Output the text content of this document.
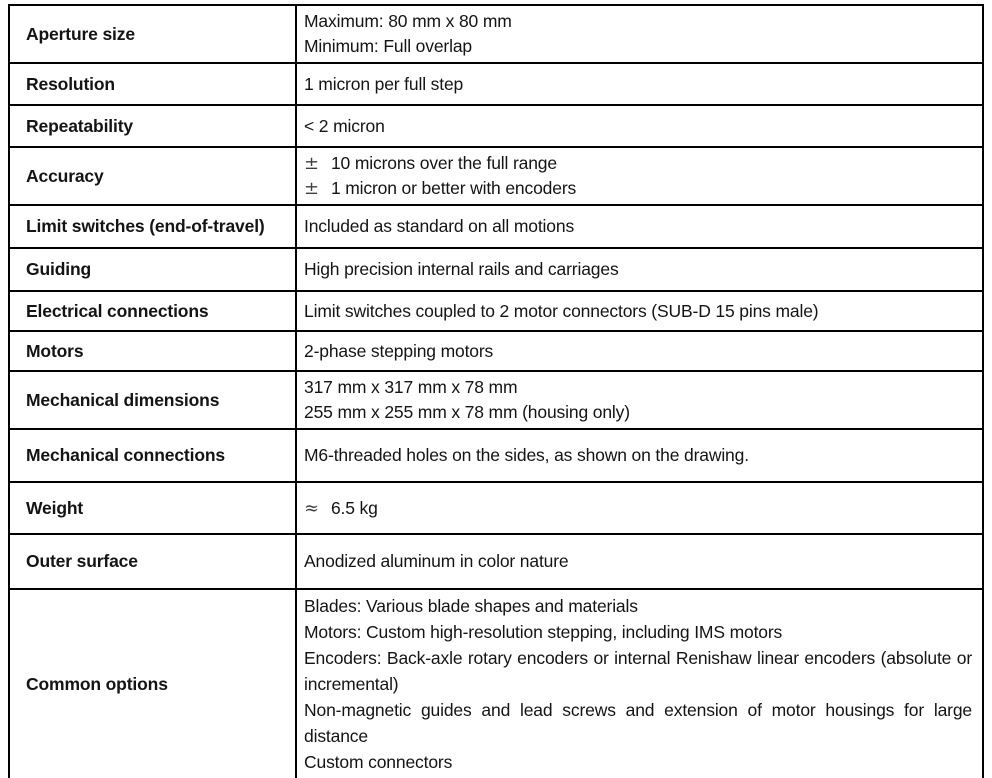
Aperture size	Maximum: 80 mm x 80 mm
Minimum: Full overlap

Resolution	1 micron per full step

Repeatability	< 2 micron

Accuracy	± 10 microns over the full range
± 1 micron or better with encoders

Limit switches (end-of-travel)	Included as standard on all motions

Guiding	High precision internal rails and carriages

Electrical connections	Limit switches coupled to 2 motor connectors (SUB-D 15 pins male)

Motors	2-phase stepping motors

Mechanical dimensions	317 mm x 317 mm x 78 mm
255 mm x 255 mm x 78 mm (housing only)

Mechanical connections	M6-threaded holes on the sides, as shown on the drawing.

Weight	≈ 6.5 kg

Outer surface	Anodized aluminum in color nature

Common options	Blades: Various blade shapes and materials
Motors: Custom high-resolution stepping, including IMS motors
Encoders: Back-axle rotary encoders or internal Renishaw linear encoders (absolute or incremental)
Non-magnetic guides and lead screws and extension of motor housings for large distance
Custom connectors
